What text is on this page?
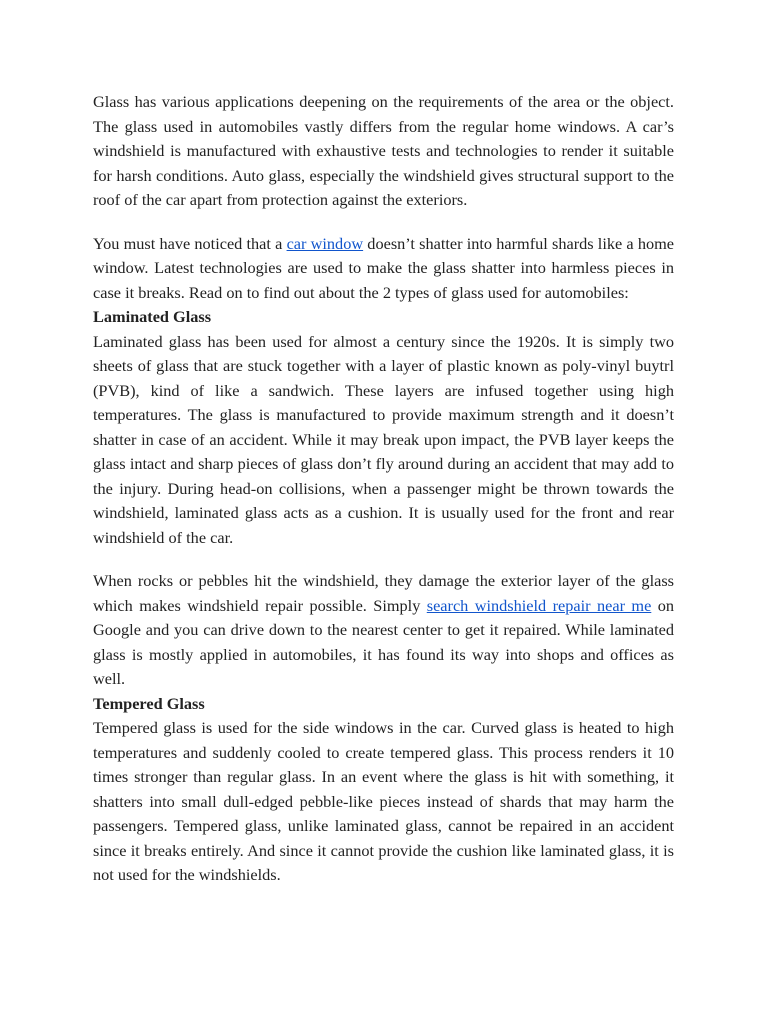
Glass has various applications deepening on the requirements of the area or the object. The glass used in automobiles vastly differs from the regular home windows. A car’s windshield is manufactured with exhaustive tests and technologies to render it suitable for harsh conditions. Auto glass, especially the windshield gives structural support to the roof of the car apart from protection against the exteriors.

You must have noticed that a car window doesn’t shatter into harmful shards like a home window. Latest technologies are used to make the glass shatter into harmless pieces in case it breaks. Read on to find out about the 2 types of glass used for automobiles:

Laminated Glass

Laminated glass has been used for almost a century since the 1920s. It is simply two sheets of glass that are stuck together with a layer of plastic known as poly-vinyl buytrl (PVB), kind of like a sandwich. These layers are infused together using high temperatures. The glass is manufactured to provide maximum strength and it doesn’t shatter in case of an accident. While it may break upon impact, the PVB layer keeps the glass intact and sharp pieces of glass don’t fly around during an accident that may add to the injury. During head-on collisions, when a passenger might be thrown towards the windshield, laminated glass acts as a cushion. It is usually used for the front and rear windshield of the car.

When rocks or pebbles hit the windshield, they damage the exterior layer of the glass which makes windshield repair possible. Simply search windshield repair near me on Google and you can drive down to the nearest center to get it repaired. While laminated glass is mostly applied in automobiles, it has found its way into shops and offices as well.

Tempered Glass

Tempered glass is used for the side windows in the car. Curved glass is heated to high temperatures and suddenly cooled to create tempered glass. This process renders it 10 times stronger than regular glass. In an event where the glass is hit with something, it shatters into small dull-edged pebble-like pieces instead of shards that may harm the passengers. Tempered glass, unlike laminated glass, cannot be repaired in an accident since it breaks entirely. And since it cannot provide the cushion like laminated glass, it is not used for the windshields.
